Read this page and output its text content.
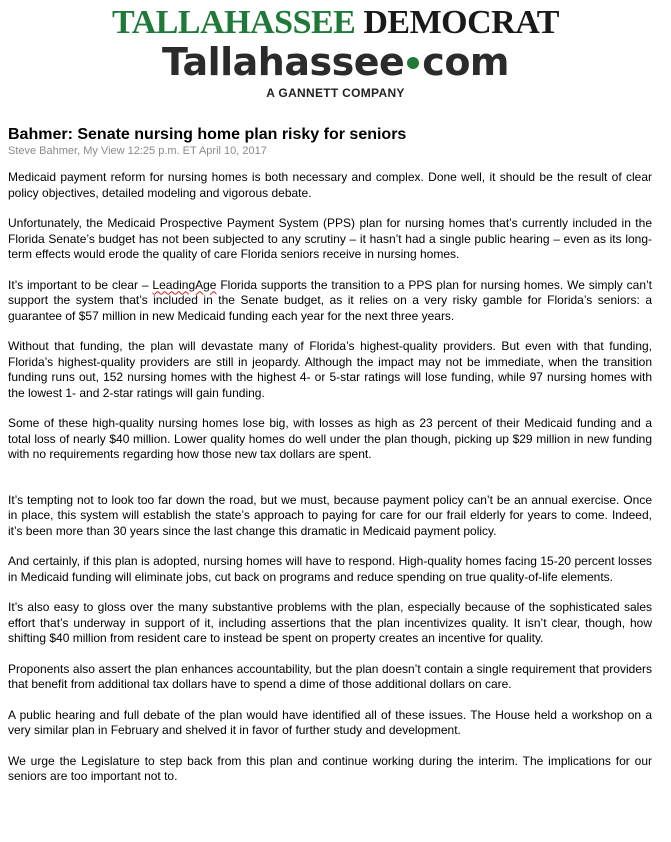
TALLAHASSEE DEMOCRAT
Tallahassee com
A GANNETT COMPANY
Bahmer: Senate nursing home plan risky for seniors
Steve Bahmer, My View 12:25 p.m. ET April 10, 2017

Medicaid payment reform for nursing homes is both necessary and complex. Done well, it should be the result of clear policy objectives, detailed modeling and vigorous debate.

Unfortunately, the Medicaid Prospective Payment System (PPS) plan for nursing homes that’s currently included in the Florida Senate’s budget has not been subjected to any scrutiny – it hasn’t had a single public hearing – even as its long-term effects would erode the quality of care Florida seniors receive in nursing homes.

It’s important to be clear – LeadingAge Florida supports the transition to a PPS plan for nursing homes. We simply can’t support the system that’s included in the Senate budget, as it relies on a very risky gamble for Florida’s seniors: a guarantee of $57 million in new Medicaid funding each year for the next three years.

Without that funding, the plan will devastate many of Florida’s highest-quality providers. But even with that funding, Florida’s highest-quality providers are still in jeopardy. Although the impact may not be immediate, when the transition funding runs out, 152 nursing homes with the highest 4- or 5-star ratings will lose funding, while 97 nursing homes with the lowest 1- and 2-star ratings will gain funding.

Some of these high-quality nursing homes lose big, with losses as high as 23 percent of their Medicaid funding and a total loss of nearly $40 million. Lower quality homes do well under the plan though, picking up $29 million in new funding with no requirements regarding how those new tax dollars are spent.

It’s tempting not to look too far down the road, but we must, because payment policy can’t be an annual exercise. Once in place, this system will establish the state’s approach to paying for care for our frail elderly for years to come. Indeed, it’s been more than 30 years since the last change this dramatic in Medicaid payment policy.

And certainly, if this plan is adopted, nursing homes will have to respond. High-quality homes facing 15-20 percent losses in Medicaid funding will eliminate jobs, cut back on programs and reduce spending on true quality-of-life elements.

It’s also easy to gloss over the many substantive problems with the plan, especially because of the sophisticated sales effort that’s underway in support of it, including assertions that the plan incentivizes quality. It isn’t clear, though, how shifting $40 million from resident care to instead be spent on property creates an incentive for quality.

Proponents also assert the plan enhances accountability, but the plan doesn’t contain a single requirement that providers that benefit from additional tax dollars have to spend a dime of those additional dollars on care.

A public hearing and full debate of the plan would have identified all of these issues. The House held a workshop on a very similar plan in February and shelved it in favor of further study and development.

We urge the Legislature to step back from this plan and continue working during the interim. The implications for our seniors are too important not to.
